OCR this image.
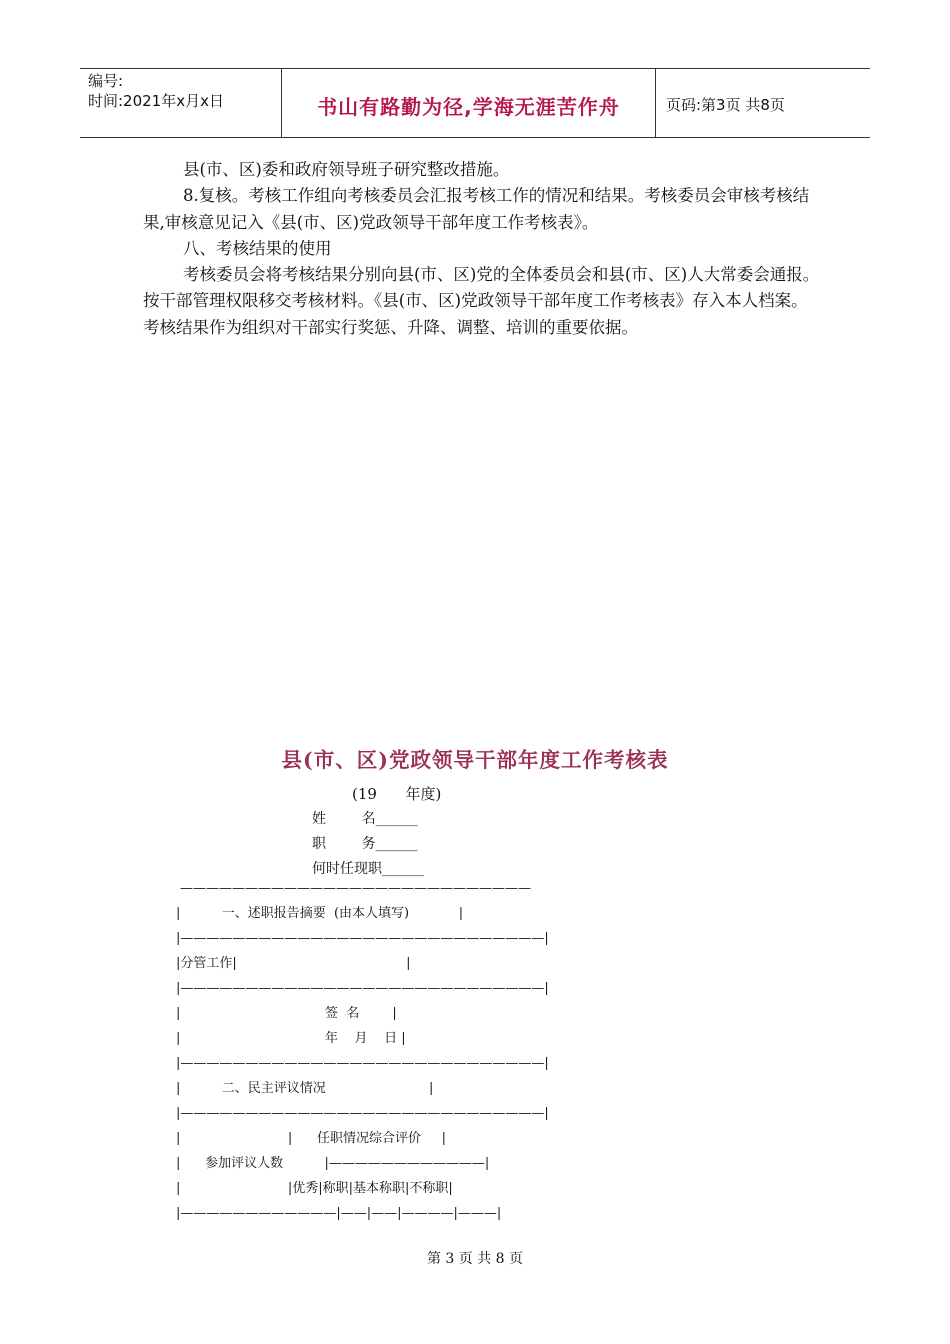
编号:
时间:2021年x月x日	书山有路勤为径,学海无涯苦作舟	页码:第3页 共8页

县(市、区)委和政府领导班子研究整改措施。

8.复核。考核工作组向考核委员会汇报考核工作的情况和结果。考核委员会审核考核结果,审核意见记入《县(市、区)党政领导干部年度工作考核表》。

八、考核结果的使用

考核委员会将考核结果分别向县(市、区)党的全体委员会和县(市、区)人大常委会通报。按干部管理权限移交考核材料。《县(市、区)党政领导干部年度工作考核表》存入本人档案。考核结果作为组织对干部实行奖惩、升降、调整、培训的重要依据。

县(市、区)党政领导干部年度工作考核表
(19      年度)
姓        名______
职        务______
何时任现职______
———————————————————————————
|          一、述职报告摘要  (由本人填写)            |
|————————————————————————————|
|分管工作|                                         |
|————————————————————————————|
|                                   签  名        |
|                                   年    月    日 |
|————————————————————————————|
|          二、民主评议情况                         |
|————————————————————————————|
|                          |      任职情况综合评价     |
|      参加评议人数          |————————————|
|                          |优秀|称职|基本称职|不称职|
|————————————|——|——|————|———|
第 3 页 共 8 页
